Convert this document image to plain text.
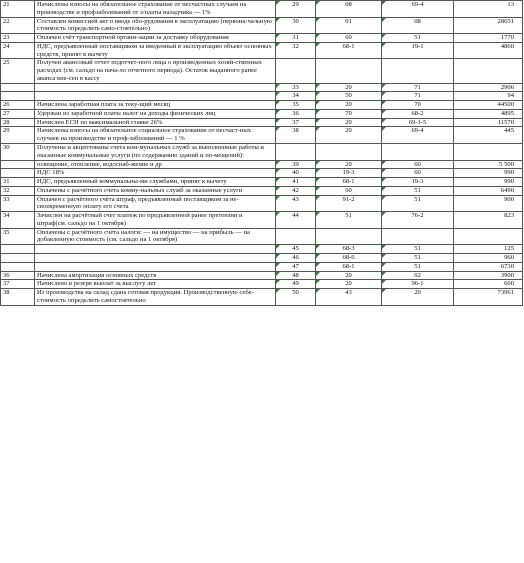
21	Начислены взносы на обязательное страхование от несчастных случаев на производстве и профзаболеваний от з/платы наладчика — 1%	29	08	69-4	13
22	Составлен комиссией акт о вводе обо-рудования в эксплуатацию (первона-чальную стоимость определить само-стоятельно)	30	01	08	28651
23	Оплачен счёт транспортной органи-зации за доставку оборудования	31	60	51	1770
24	НДС, предъявленный поставщиком за введенный в эксплуатацию объект основных средств, принят к вычету	32	68-1	19-1	4860
25	Получен авансовый отчет подотчет-ного лица о произведенных хозяй-ственных расходах (см. сальдо на нача-ло отчетного периода). Остаток выданного ранее аванса вне-сен в кассу				
		33	20	71	2906
		34	50	71	94
26	Начислена заработная плата за теку-щий месяц	35	20	70	44500
27	Удержан из заработной платы налог на доходы физических лиц	36	70	68-2	4895
28	Начислен ЕСН по максимальной ставке 26%	37	20	69-1-5	11570
29	Начислены взносы на обязательное социальное страхование от несчаст-ных случаев на производстве и проф-заболеваний — 1 %	38	20	69-4	445
30	Получены и акцептованы счета ком-мунальных служб за выполненные работы и оказанные коммунальные услуги (по содержанию зданий и по-мещений):				
	освещение, отопление, водоснаб-жение и др	39	20	60	5 500
	НДС 18%	40	19-3	60	990
31	НДС, предъявленный коммунальны-ми службами, принят к вычету	41	68-1	19-3	990
32	Оплачены с расчётного счета комму-нальных служб за оказанные услуги	42	60	51	6490
33	Оплачен с расчётного счёта штраф, предъявленный поставщиком за не-своевременную оплату его счета	43	91-2	51	900
34	Зачислен на расчётный счет платеж по предъявленной ранее претензии и штраф(см. сальдо на 1 октября)	44	51	76-2	823
35	Оплачены с расчётного счёта налоги: — на имущество — на прибыль — на добавленную стоимость (см. сальдо на 1 октября)				
		45	68-3	51	125
		46	68-6	51	960
		47	68-1	51	6730
36	Начислена амортизация основных средств	48	20	02	3900
37	Начислено в резерв выплат за выслугу лет	49	20	96-1	600
38	Из производства на склад сдана готовая продукция. Производственную себе-стоимость определить самостоятельно	50	43	20	73961
